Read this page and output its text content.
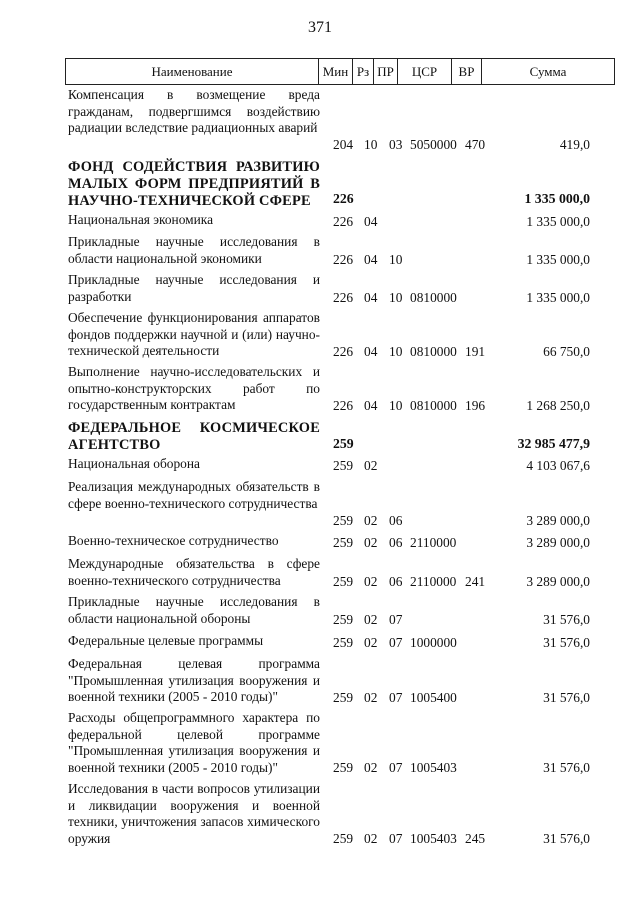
371
Наименование	Мин Рз ПР	ЦСР	ВР	Сумма
Компенсация в возмещение вреда гражданам, подвергшимся воздействию радиации вследствие радиационных аварий
204 10 03 5050000 470	419,0
ФОНД СОДЕЙСТВИЯ РАЗВИТИЮ МАЛЫХ ФОРМ ПРЕДПРИЯТИЙ В НАУЧНО-ТЕХНИЧЕСКОЙ СФЕРЕ	226	1 335 000,0
Национальная экономика	226 04	1 335 000,0
Прикладные научные исследования в области национальной экономики	226 04 10	1 335 000,0
Прикладные научные исследования и разработки	226 04 10 0810000	1 335 000,0
Обеспечение функционирования аппаратов фондов поддержки научной и (или) научно-технической деятельности	226 04 10 0810000 191	66 750,0
Выполнение научно-исследовательских и опытно-конструкторских работ по государственным контрактам	226 04 10 0810000 196	1 268 250,0
ФЕДЕРАЛЬНОЕ КОСМИЧЕСКОЕ АГЕНТСТВО	259	32 985 477,9
Национальная оборона	259 02	4 103 067,6
Реализация международных обязательств в сфере военно-технического сотрудничества
259 02 06	3 289 000,0
Военно-техническое сотрудничество	259 02 06 2110000	3 289 000,0
Международные обязательства в сфере военно-технического сотрудничества	259 02 06 2110000 241	3 289 000,0
Прикладные научные исследования в области национальной обороны	259 02 07	31 576,0
Федеральные целевые программы	259 02 07 1000000	31 576,0
Федеральная целевая программа "Промышленная утилизация вооружения и военной техники (2005 - 2010 годы)"	259 02 07 1005400	31 576,0
Расходы общепрограммного характера по федеральной целевой программе "Промышленная утилизация вооружения и военной техники (2005 - 2010 годы)"	259 02 07 1005403	31 576,0
Исследования в части вопросов утилизации и ликвидации вооружения и военной техники, уничтожения запасов химического оружия	259 02 07 1005403 245	31 576,0
